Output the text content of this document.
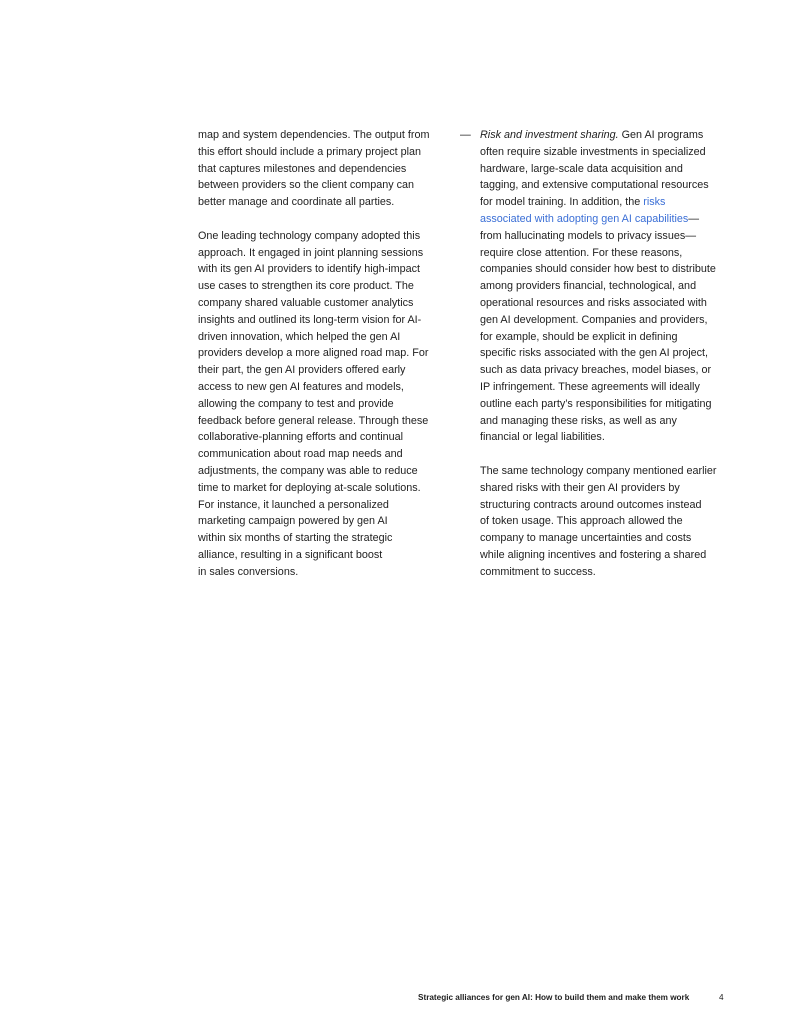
map and system dependencies. The output from
this effort should include a primary project plan
that captures milestones and dependencies
between providers so the client company can
better manage and coordinate all parties.
One leading technology company adopted this
approach. It engaged in joint planning sessions
with its gen AI providers to identify high-impact
use cases to strengthen its core product. The
company shared valuable customer analytics
insights and outlined its long-term vision for AI-
driven innovation, which helped the gen AI
providers develop a more aligned road map. For
their part, the gen AI providers offered early
access to new gen AI features and models,
allowing the company to test and provide
feedback before general release. Through these
collaborative-planning efforts and continual
communication about road map needs and
adjustments, the company was able to reduce
time to market for deploying at-scale solutions.
For instance, it launched a personalized
marketing campaign powered by gen AI
within six months of starting the strategic
alliance, resulting in a significant boost
in sales conversions.
— Risk and investment sharing. Gen AI programs
often require sizable investments in specialized
hardware, large-scale data acquisition and
tagging, and extensive computational resources
for model training. In addition, the risks
associated with adopting gen AI capabilities—
from hallucinating models to privacy issues—
require close attention. For these reasons,
companies should consider how best to distribute
among providers financial, technological, and
operational resources and risks associated with
gen AI development. Companies and providers,
for example, should be explicit in defining
specific risks associated with the gen AI project,
such as data privacy breaches, model biases, or
IP infringement. These agreements will ideally
outline each party’s responsibilities for mitigating
and managing these risks, as well as any
financial or legal liabilities.
The same technology company mentioned earlier
shared risks with their gen AI providers by
structuring contracts around outcomes instead
of token usage. This approach allowed the
company to manage uncertainties and costs
while aligning incentives and fostering a shared
commitment to success.
Strategic alliances for gen AI: How to build them and make them work	4
